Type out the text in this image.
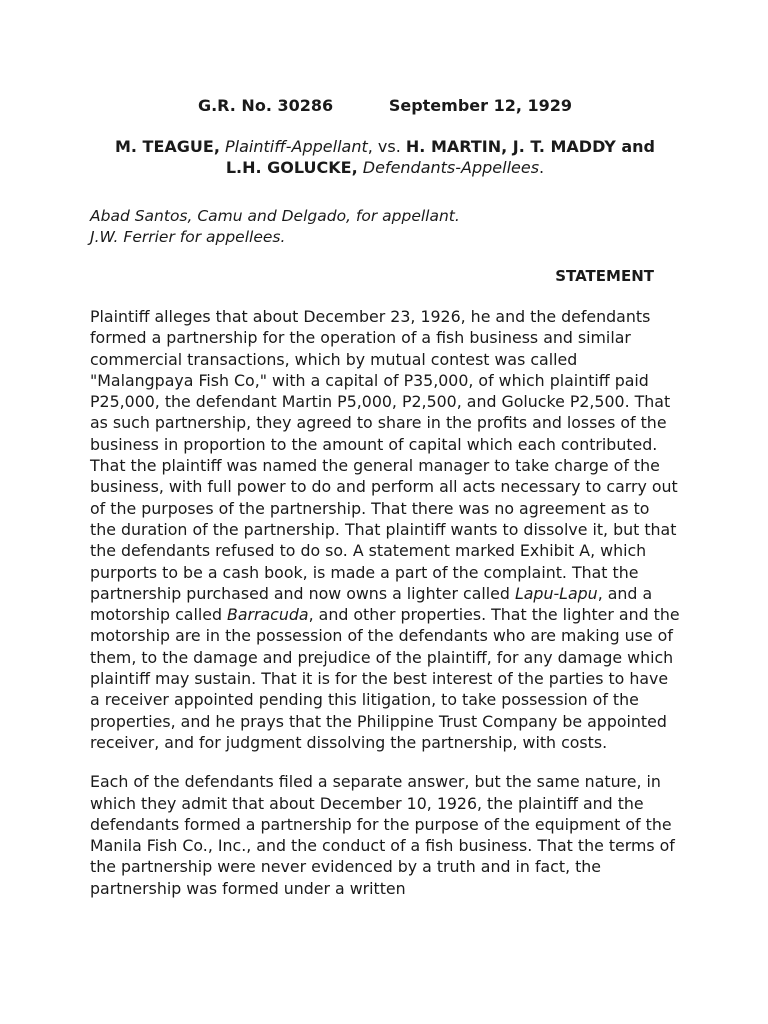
G.R. No. 30286	September 12, 1929
M. TEAGUE, Plaintiff-Appellant, vs. H. MARTIN, J. T. MADDY and
L.H. GOLUCKE, Defendants-Appellees.
Abad Santos, Camu and Delgado, for appellant.
J.W. Ferrier for appellees.
STATEMENT

Plaintiff alleges that about December 23, 1926, he and the defendants formed a partnership for the operation of a fish business and similar commercial transactions, which by mutual contest was called "Malangpaya Fish Co," with a capital of P35,000, of which plaintiff paid P25,000, the defendant Martin P5,000, P2,500, and Golucke P2,500. That as such partnership, they agreed to share in the profits and losses of the business in proportion to the amount of capital which each contributed. That the plaintiff was named the general manager to take charge of the business, with full power to do and perform all acts necessary to carry out of the purposes of the partnership. That there was no agreement as to the duration of the partnership. That plaintiff wants to dissolve it, but that the defendants refused to do so. A statement marked Exhibit A, which purports to be a cash book, is made a part of the complaint. That the partnership purchased and now owns a lighter called Lapu-Lapu, and a motorship called Barracuda, and other properties. That the lighter and the motorship are in the possession of the defendants who are making use of them, to the damage and prejudice of the plaintiff, for any damage which plaintiff may sustain. That it is for the best interest of the parties to have a receiver appointed pending this litigation, to take possession of the properties, and he prays that the Philippine Trust Company be appointed receiver, and for judgment dissolving the partnership, with costs.

Each of the defendants filed a separate answer, but the same nature, in which they admit that about December 10, 1926, the plaintiff and the defendants formed a partnership for the purpose of the equipment of the Manila Fish Co., Inc., and the conduct of a fish business. That the terms of the partnership were never evidenced by a truth and in fact, the partnership was formed under a written
